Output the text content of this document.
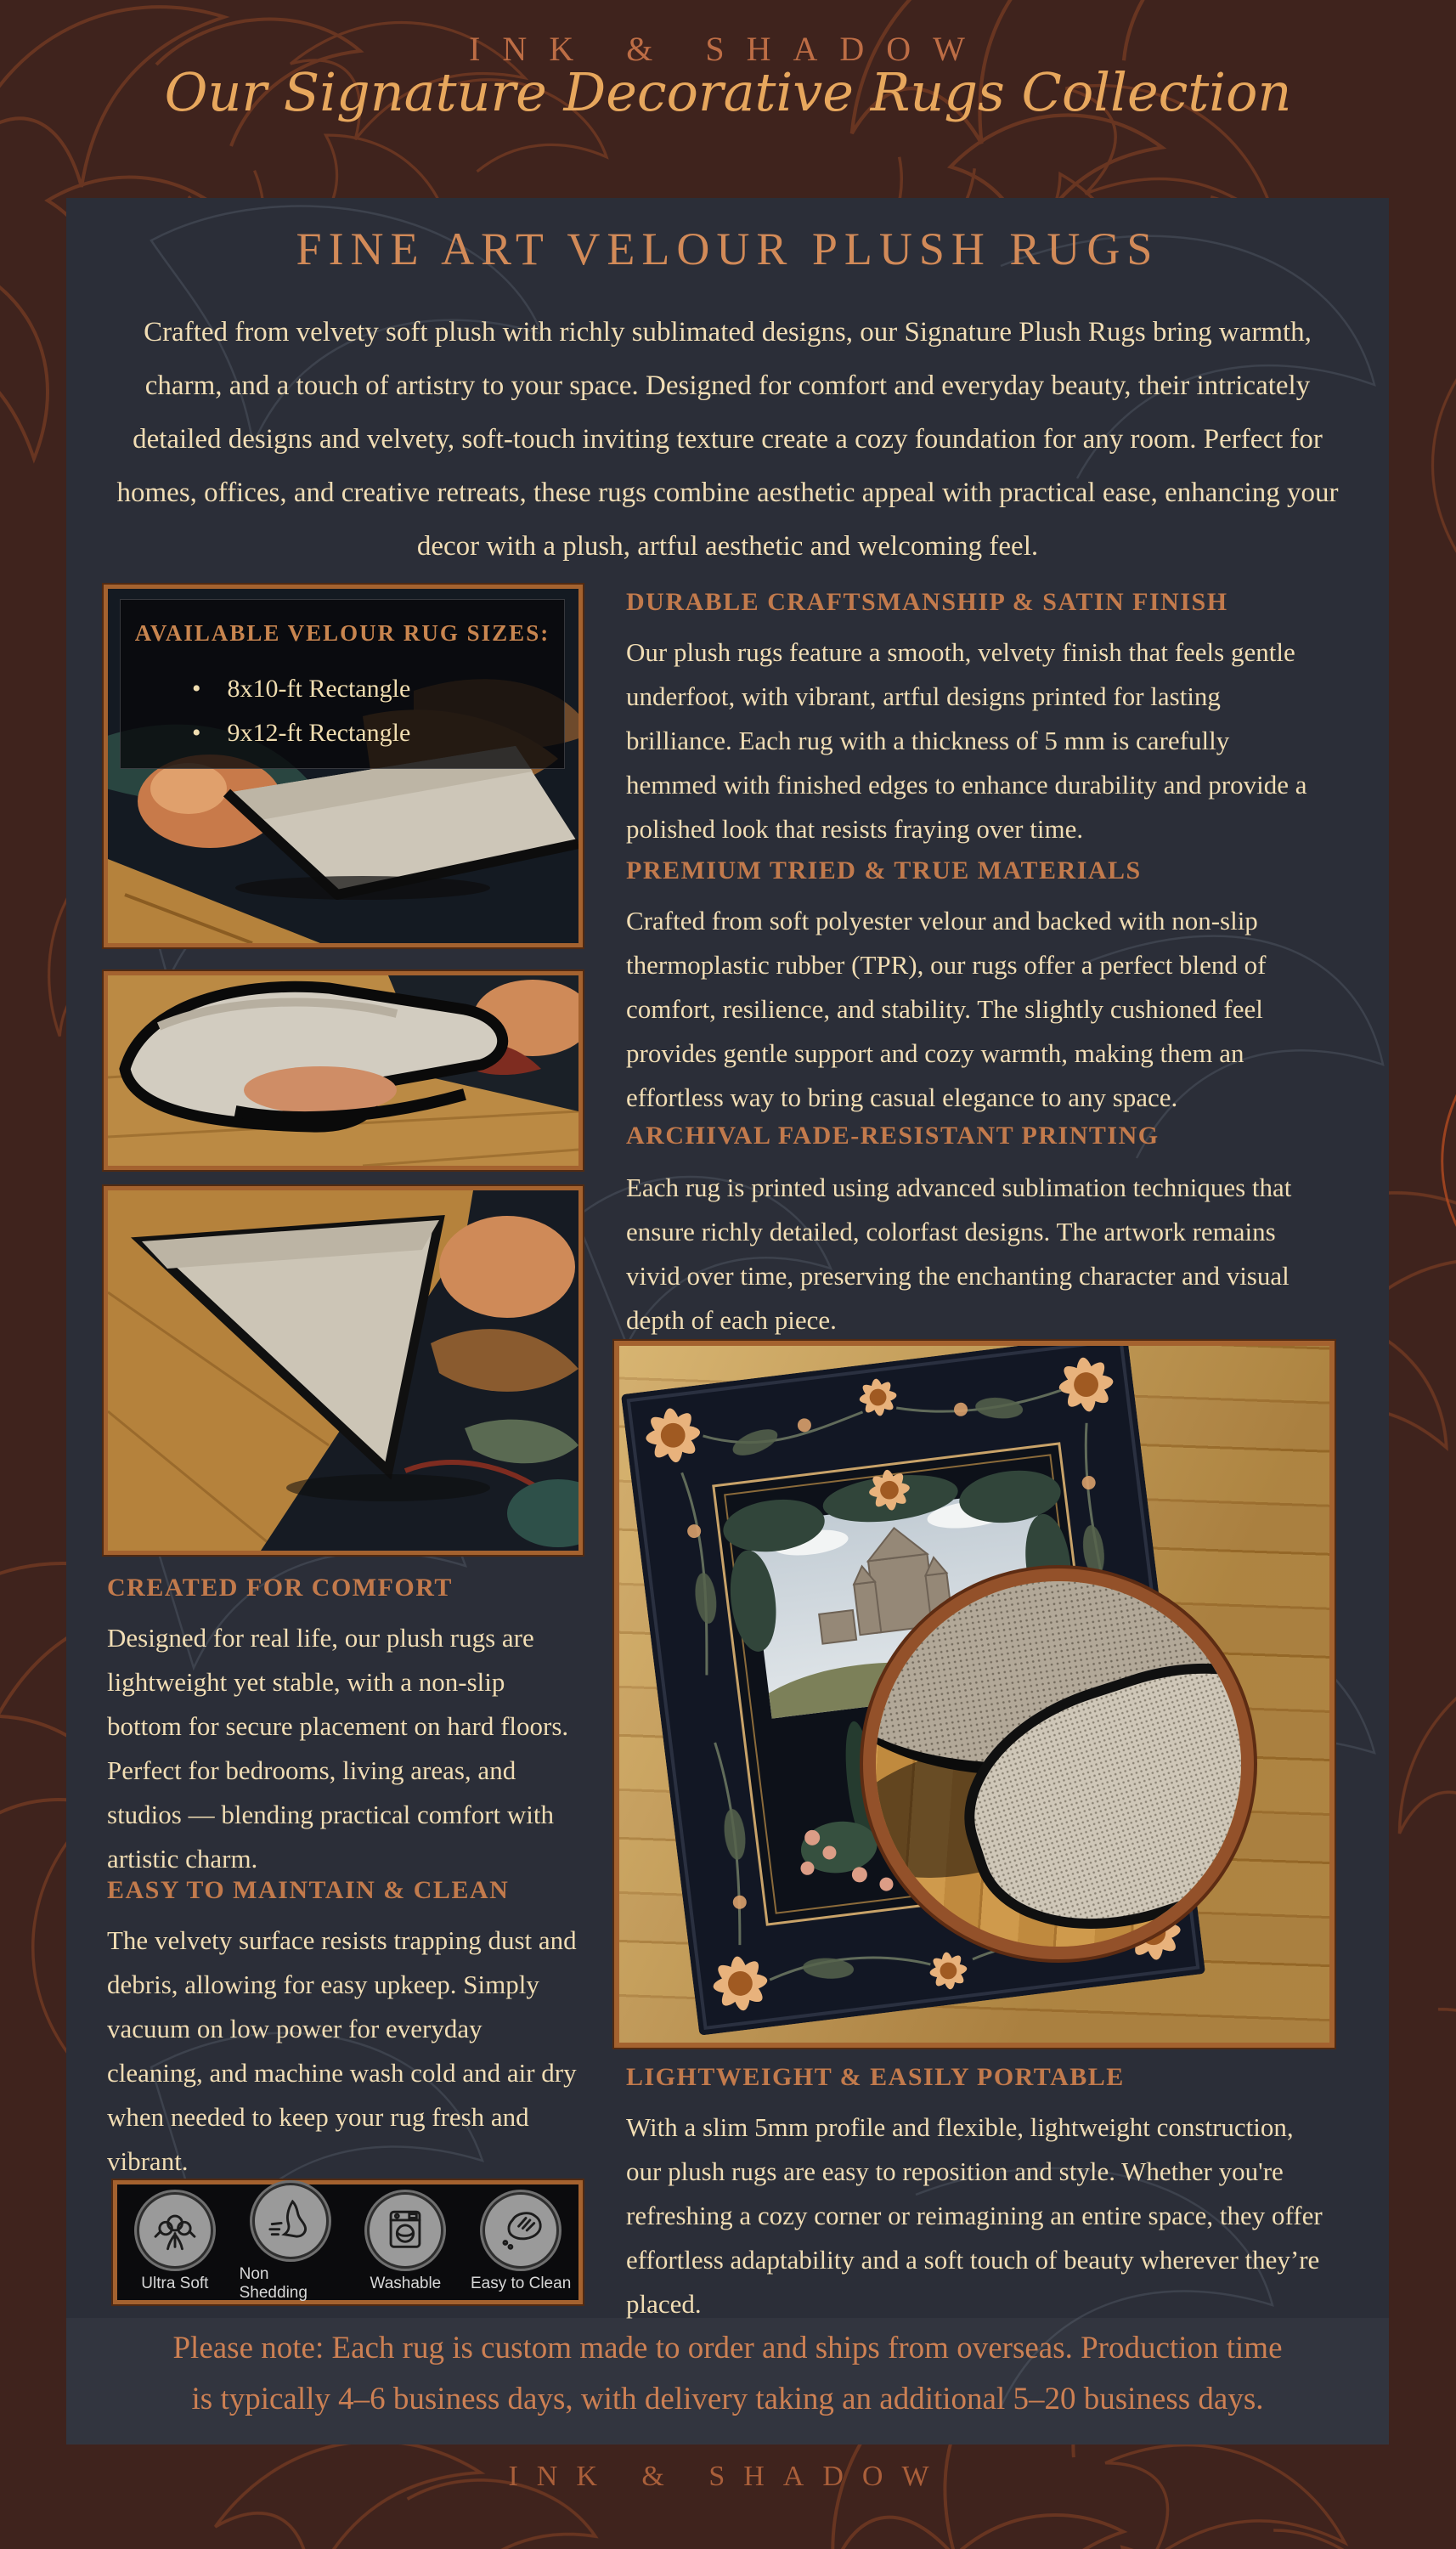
INK & SHADOW
Our Signature Decorative Rugs Collection
FINE ART VELOUR PLUSH RUGS
Crafted from velvety soft plush with richly sublimated designs, our Signature Plush Rugs bring warmth, charm, and a touch of artistry to your space. Designed for comfort and everyday beauty, their intricately detailed designs and velvety, soft-touch inviting texture create a cozy foundation for any room. Perfect for homes, offices, and creative retreats, these rugs combine aesthetic appeal with practical ease, enhancing your decor with a plush, artful aesthetic and welcoming feel.
AVAILABLE VELOUR RUG SIZES:
• 8x10-ft Rectangle
• 9x12-ft Rectangle
CREATED FOR COMFORT
Designed for real life, our plush rugs are lightweight yet stable, with a non-slip bottom for secure placement on hard floors. Perfect for bedrooms, living areas, and studios — blending practical comfort with artistic charm.
EASY TO MAINTAIN & CLEAN
The velvety surface resists trapping dust and debris, allowing for easy upkeep. Simply vacuum on low power for everyday cleaning, and machine wash cold and air dry when needed to keep your rug fresh and vibrant.
Ultra Soft
Non Shedding
Washable Easy to Clean
DURABLE CRAFTSMANSHIP & SATIN FINISH
Our plush rugs feature a smooth, velvety finish that feels gentle underfoot, with vibrant, artful designs printed for lasting brilliance. Each rug with a thickness of 5 mm is carefully hemmed with finished edges to enhance durability and provide a polished look that resists fraying over time.
PREMIUM TRIED & TRUE MATERIALS
Crafted from soft polyester velour and backed with non-slip thermoplastic rubber (TPR), our rugs offer a perfect blend of comfort, resilience, and stability. The slightly cushioned feel provides gentle support and cozy warmth, making them an effortless way to bring casual elegance to any space.
ARCHIVAL FADE-RESISTANT PRINTING
Each rug is printed using advanced sublimation techniques that ensure richly detailed, colorfast designs. The artwork remains vivid over time, preserving the enchanting character and visual depth of each piece.
LIGHTWEIGHT & EASILY PORTABLE
With a slim 5mm profile and flexible, lightweight construction, our plush rugs are easy to reposition and style. Whether you're refreshing a cozy corner or reimagining an entire space, they offer effortless adaptability and a soft touch of beauty wherever they’re placed.
Please note: Each rug is custom made to order and ships from overseas. Production time
is typically 4–6 business days, with delivery taking an additional 5–20 business days.
INK & SHADOW
